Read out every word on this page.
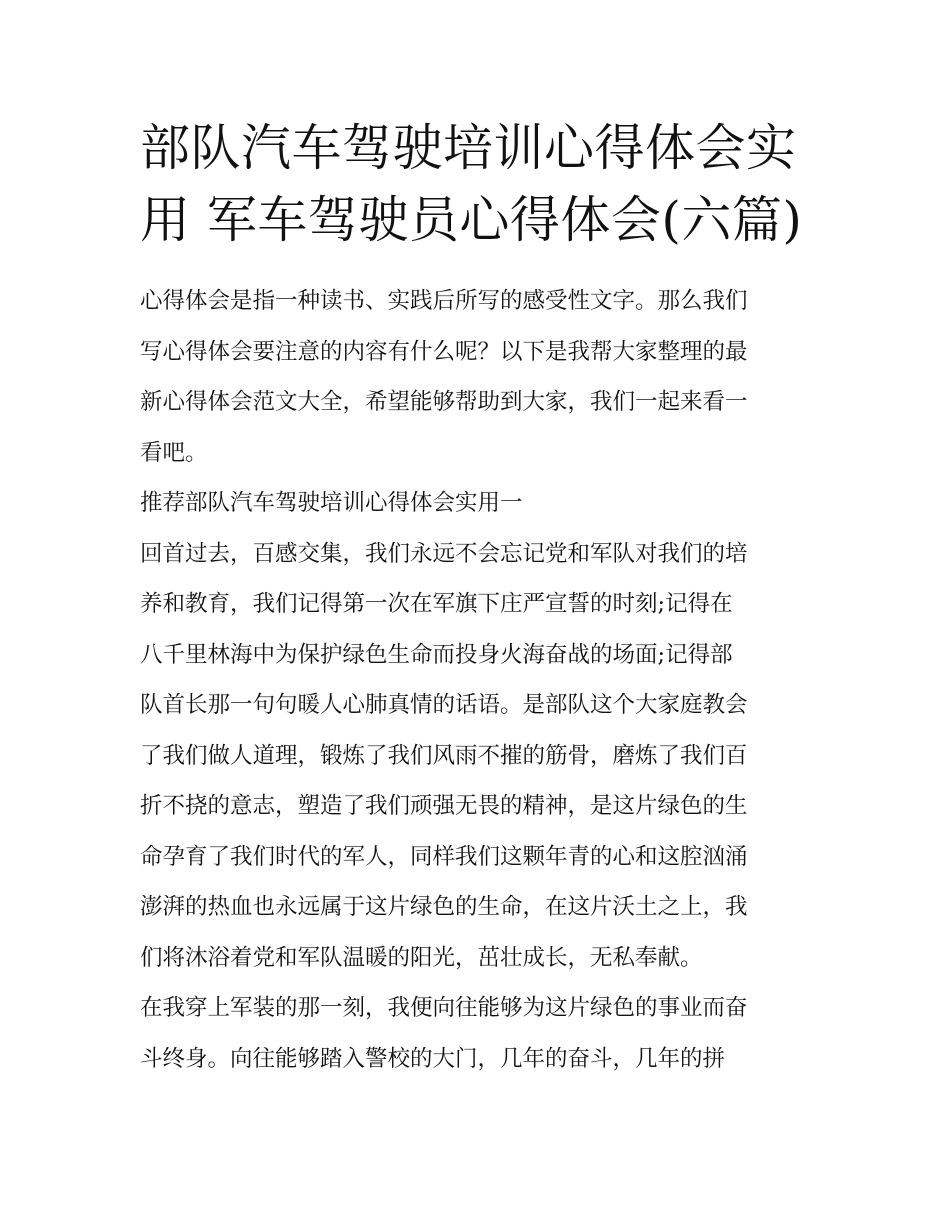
部队汽车驾驶培训心得体会实
用 军车驾驶员心得体会(六篇)
心得体会是指一种读书、实践后所写的感受性文字。那么我们
写心得体会要注意的内容有什么呢？以下是我帮大家整理的最
新心得体会范文大全，希望能够帮助到大家，我们一起来看一
看吧。
推荐部队汽车驾驶培训心得体会实用一
回首过去，百感交集，我们永远不会忘记党和军队对我们的培
养和教育，我们记得第一次在军旗下庄严宣誓的时刻;记得在
八千里林海中为保护绿色生命而投身火海奋战的场面;记得部
队首长那一句句暖人心肺真情的话语。是部队这个大家庭教会
了我们做人道理，锻炼了我们风雨不摧的筋骨，磨炼了我们百
折不挠的意志，塑造了我们顽强无畏的精神，是这片绿色的生
命孕育了我们时代的军人，同样我们这颗年青的心和这腔汹涌
澎湃的热血也永远属于这片绿色的生命，在这片沃土之上，我
们将沐浴着党和军队温暖的阳光，茁壮成长，无私奉献。
在我穿上军装的那一刻，我便向往能够为这片绿色的事业而奋
斗终身。向往能够踏入警校的大门，几年的奋斗，几年的拼
